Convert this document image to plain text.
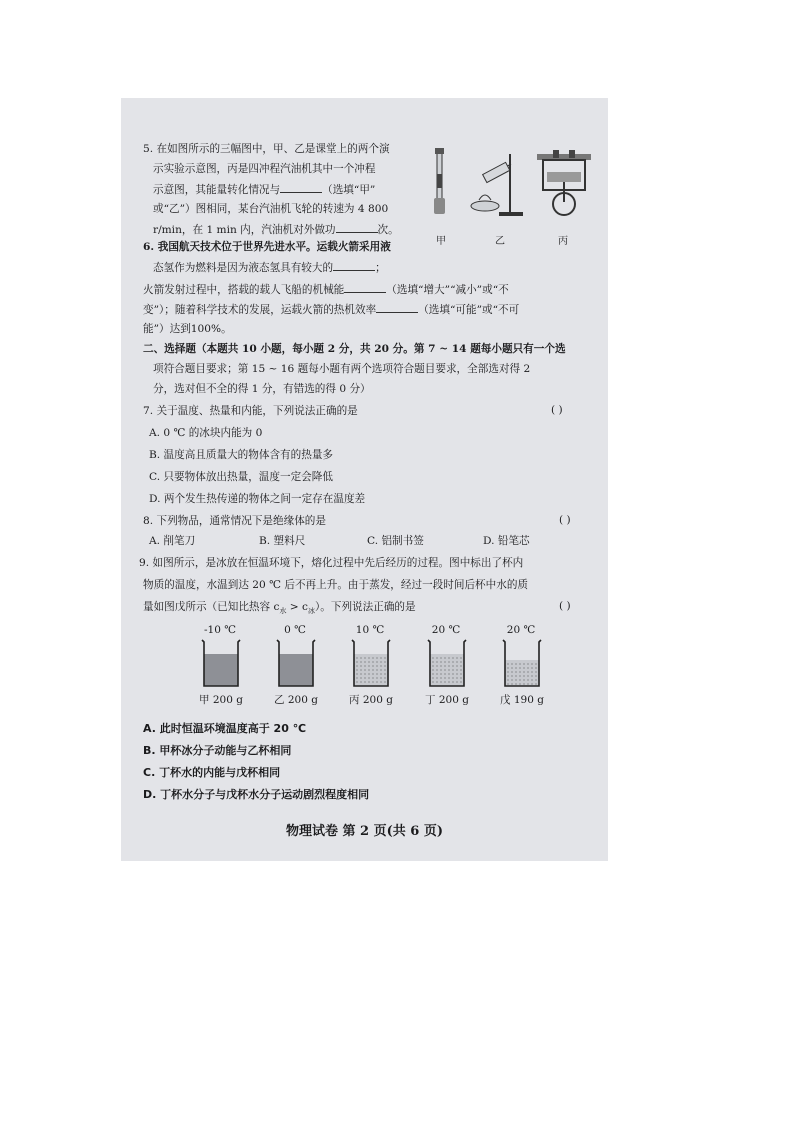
5. 在如图所示的三幅图中，甲、乙是课堂上的两个演
示实验示意图，丙是四冲程汽油机其中一个冲程
示意图，其能量转化情况与	（选填“甲”
或“乙”）图相同，某台汽油机飞轮的转速为 4 800
r/min，在 1 min 内，汽油机对外做功	次。
甲	乙	丙
6. 我国航天技术位于世界先进水平。运载火箭采用液
态氢作为燃料是因为液态氢具有较大的	；
火箭发射过程中，搭载的载人飞船的机械能	（选填“增大”“减小”或“不
变”）；随着科学技术的发展，运载火箭的热机效率	（选填“可能”或“不可
能”）达到100%。
二、选择题（本题共 10 小题，每小题 2 分，共 20 分。第 7 ~ 14 题每小题只有一个选
项符合题目要求；第 15 ~ 16 题每小题有两个选项符合题目要求，全部选对得 2
分，选对但不全的得 1 分，有错选的得 0 分）
7. 关于温度、热量和内能，下列说法正确的是	( )
A. 0 ℃ 的冰块内能为 0
B. 温度高且质量大的物体含有的热量多
C. 只要物体放出热量，温度一定会降低
D. 两个发生热传递的物体之间一定存在温度差
8. 下列物品，通常情况下是绝缘体的是	( )
A. 削笔刀	B. 塑料尺	C. 铝制书签	D. 铅笔芯
9. 如图所示，是冰放在恒温环境下，熔化过程中先后经历的过程。图中标出了杯内
物质的温度，水温到达 20 ℃ 后不再上升。由于蒸发，经过一段时间后杯中水的质
量如图戊所示（已知比热容 $c_水 > c_冰$）。下列说法正确的是	( )
-10 ℃
甲 200 g
0 ℃
乙 200 g
10 ℃
丙 200 g
20 ℃
丁 200 g
20 ℃
戊 190 g
A. 此时恒温环境温度高于 20 ℃
B. 甲杯冰分子动能与乙杯相同
C. 丁杯水的内能与戊杯相同
D. 丁杯水分子与戊杯水分子运动剧烈程度相同
物理试卷 第 2 页(共 6 页)
